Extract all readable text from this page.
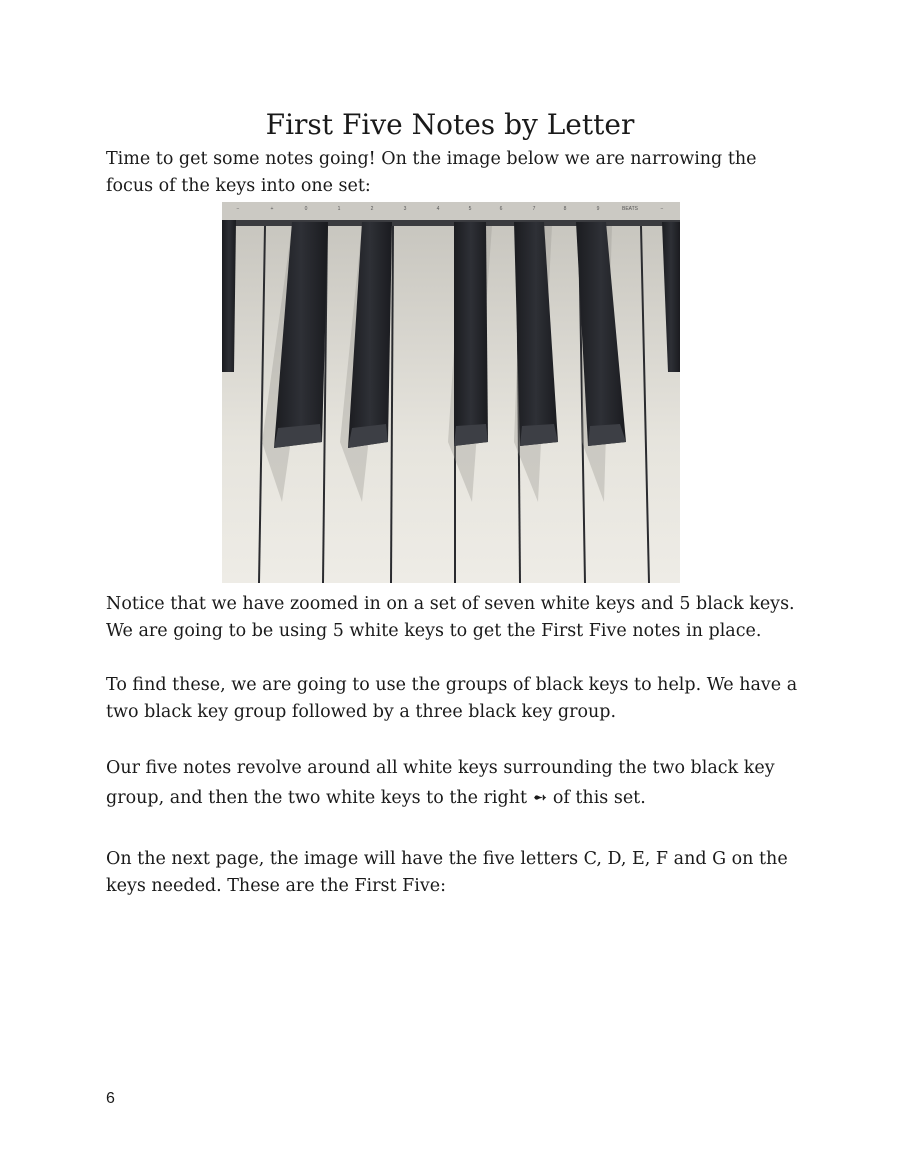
First Five Notes by Letter

Time to get some notes going! On the image below we are narrowing the focus of the keys into one set:

−	+	0	1	2	3	4	5	6	7	8	9	BEATS	−

Notice that we have zoomed in on a set of seven white keys and 5 black keys. We are going to be using 5 white keys to get the First Five notes in place.

To find these, we are going to use the groups of black keys to help. We have a two black key group followed by a three black key group.

Our five notes revolve around all white keys surrounding the two black key group, and then the two white keys to the right ➻ of this set.

On the next page, the image will have the five letters C, D, E, F and G on the keys needed. These are the First Five:

6
